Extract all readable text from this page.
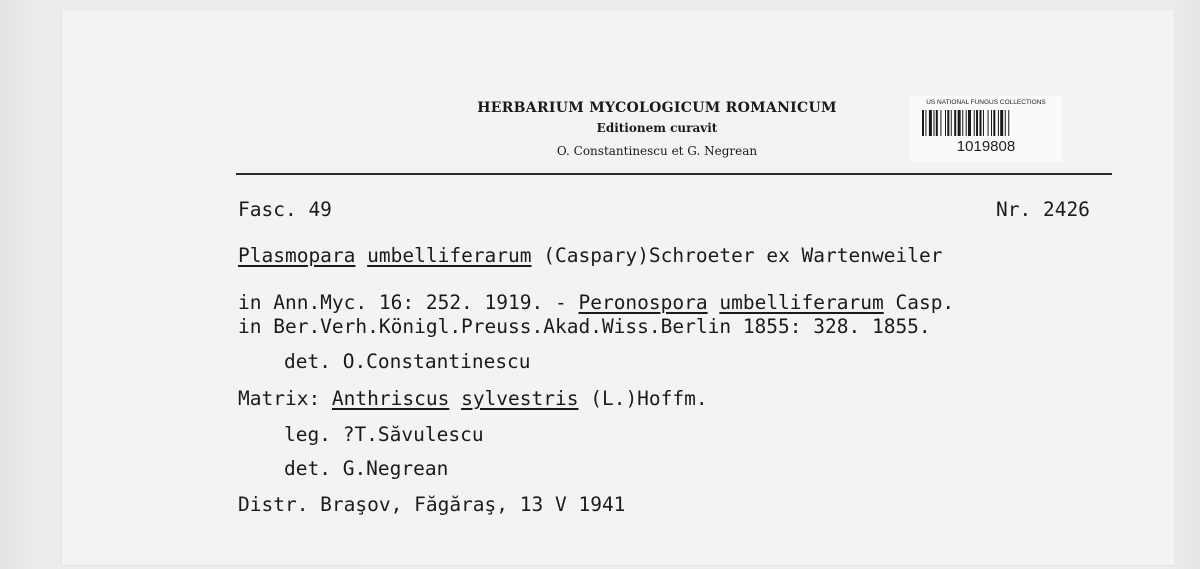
HERBARIUM MYCOLOGICUM ROMANICUM
Editionem curavit
O. Constantinescu et G. Negrean
US NATIONAL FUNGUS COLLECTIONS
1019808
Fasc. 49	Nr. 2426
Plasmopara umbelliferarum (Caspary)Schroeter ex Wartenweiler
in Ann.Myc. 16: 252. 1919. - Peronospora umbelliferarum Casp.
in Ber.Verh.Königl.Preuss.Akad.Wiss.Berlin 1855: 328. 1855.
det. O.Constantinescu
Matrix: Anthriscus sylvestris (L.)Hoffm.
leg. ?T.Săvulescu
det. G.Negrean
Distr. Braşov, Făgăraş, 13 V 1941
